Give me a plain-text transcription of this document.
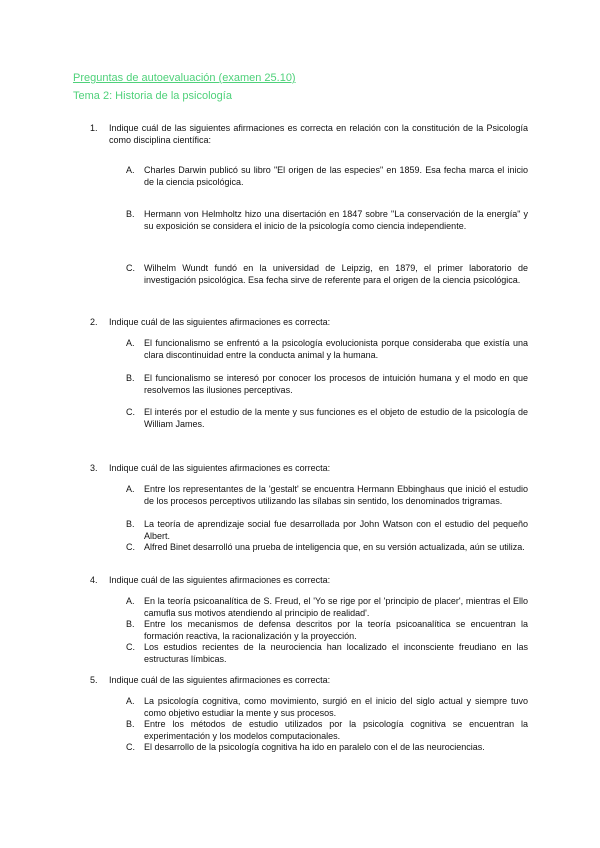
Preguntas de autoevaluación (examen 25.10)
Tema 2: Historia de la psicología
1. Indique cuál de las siguientes afirmaciones es correcta en relación con la constitución de la Psicología como disciplina científica:
A. Charles Darwin publicó su libro "El origen de las especies" en 1859. Esa fecha marca el inicio de la ciencia psicológica.
B. Hermann von Helmholtz hizo una disertación en 1847 sobre "La conservación de la energía" y su exposición se considera el inicio de la psicología como ciencia independiente.
C. Wilhelm Wundt fundó en la universidad de Leipzig, en 1879, el primer laboratorio de investigación psicológica. Esa fecha sirve de referente para el origen de la ciencia psicológica.
2. Indique cuál de las siguientes afirmaciones es correcta:
A. El funcionalismo se enfrentó a la psicología evolucionista porque consideraba que existía una clara discontinuidad entre la conducta animal y la humana.
B. El funcionalismo se interesó por conocer los procesos de intuición humana y el modo en que resolvemos las ilusiones perceptivas.
C. El interés por el estudio de la mente y sus funciones es el objeto de estudio de la psicología de William James.
3. Indique cuál de las siguientes afirmaciones es correcta:
A. Entre los representantes de la 'gestalt' se encuentra Hermann Ebbinghaus que inició el estudio de los procesos perceptivos utilizando las sílabas sin sentido, los denominados trigramas.
B. La teoría de aprendizaje social fue desarrollada por John Watson con el estudio del pequeño Albert.
C. Alfred Binet desarrolló una prueba de inteligencia que, en su versión actualizada, aún se utiliza.
4. Indique cuál de las siguientes afirmaciones es correcta:
A. En la teoría psicoanalítica de S. Freud, el 'Yo se rige por el 'principio de placer', mientras el Ello camufla sus motivos atendiendo al principio de realidad'.
B. Entre los mecanismos de defensa descritos por la teoría psicoanalítica se encuentran la formación reactiva, la racionalización y la proyección.
C. Los estudios recientes de la neurociencia han localizado el inconsciente freudiano en las estructuras límbicas.
5. Indique cuál de las siguientes afirmaciones es correcta:
A. La psicología cognitiva, como movimiento, surgió en el inicio del siglo actual y siempre tuvo como objetivo estudiar la mente y sus procesos.
B. Entre los métodos de estudio utilizados por la psicología cognitiva se encuentran la experimentación y los modelos computacionales.
C. El desarrollo de la psicología cognitiva ha ido en paralelo con el de las neurociencias.
